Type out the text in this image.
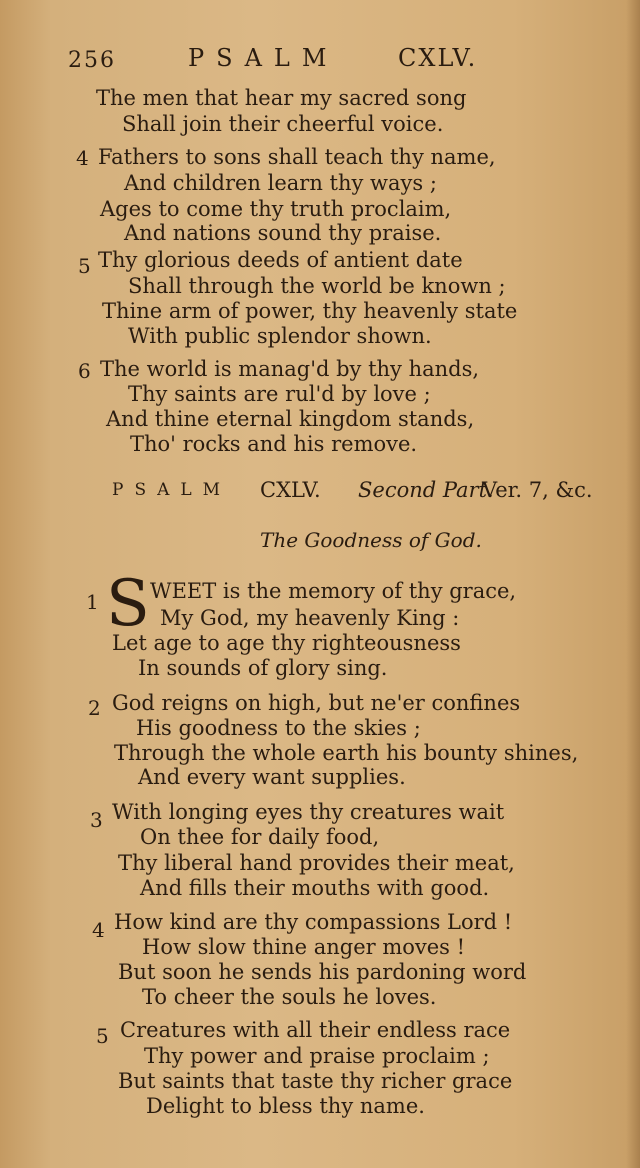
256	PSALM CXLV.
The men that hear my sacred song
Shall join their cheerful voice.
4 Fathers to sons shall teach thy name,
And children learn thy ways ;
Ages to come thy truth proclaim,
And nations sound thy praise.
5 Thy glorious deeds of antient date
Shall through the world be known ;
Thine arm of power, thy heavenly state
With public splendor shown.
6 The world is manag'd by thy hands,
Thy saints are rul'd by love ;
And thine eternal kingdom stands,
Tho' rocks and his remove.
PSALM CXLV. Second Part.
Ver. 7, &c.
The Goodness of God.
1 S WEET is the memory of thy grace,
My God, my heavenly King :
Let age to age thy righteousness
In sounds of glory sing.
2 God reigns on high, but ne'er confines
His goodness to the skies ;
Through the whole earth his bounty shines,
And every want supplies.
3 With longing eyes thy creatures wait
On thee for daily food,
Thy liberal hand provides their meat,
And fills their mouths with good.
4 How kind are thy compassions Lord !
How slow thine anger moves !
But soon he sends his pardoning word
To cheer the souls he loves.
5 Creatures with all their endless race
Thy power and praise proclaim ;
But saints that taste thy richer grace
Delight to bless thy name.
